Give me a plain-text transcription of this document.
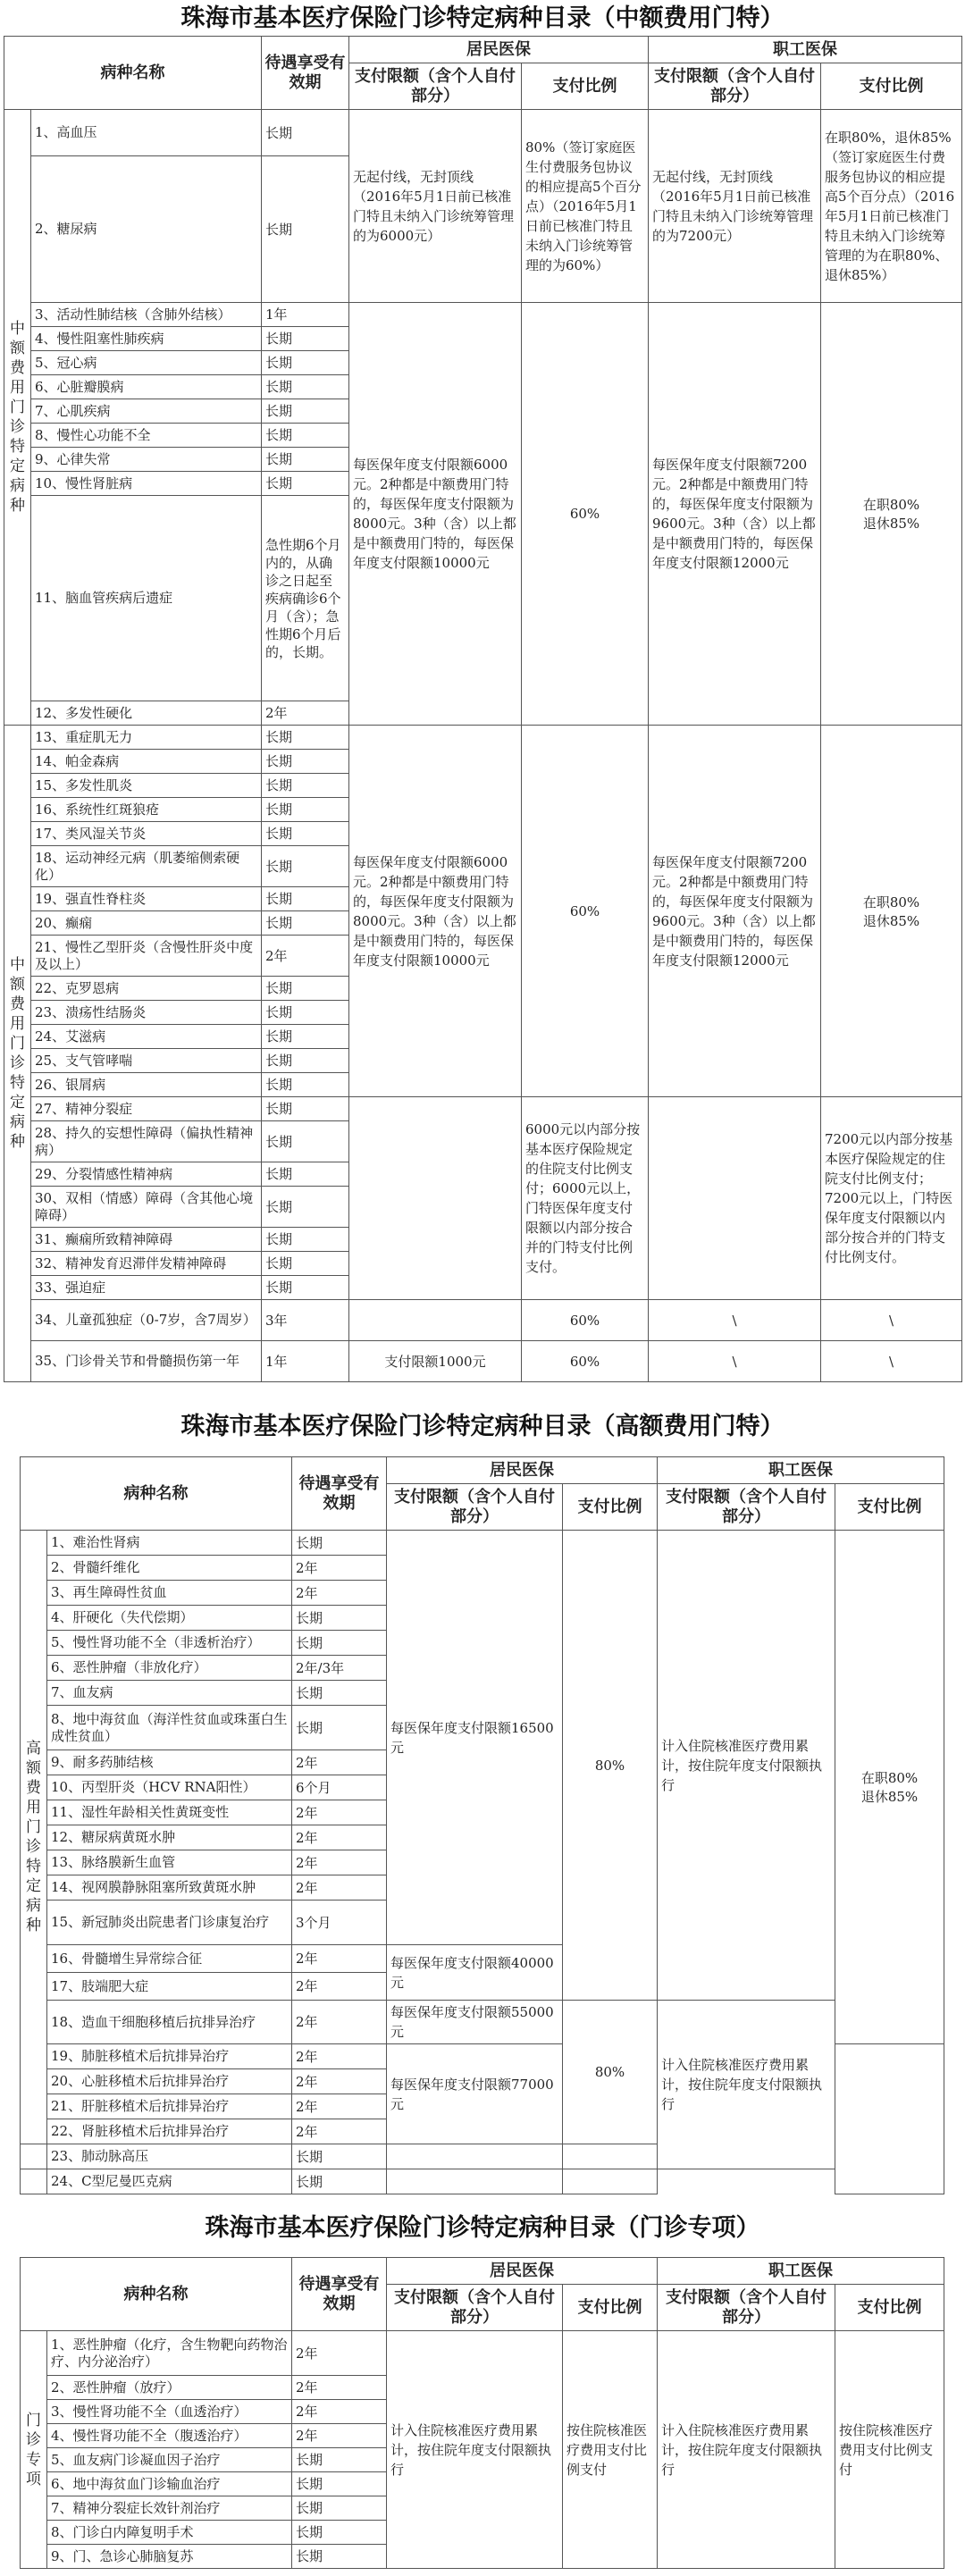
珠海市基本医疗保险门诊特定病种目录（中额费用门特）
病种名称		待遇享受有效期	居民医保		职工医保	
			支付限额（含个人自付部分）	支付比例	支付限额（含个人自付部分）	支付比例
中额费用门诊特定病种	1、高血压	长期	无起付线，无封顶线（2016年5月1日前已核准门特且未纳入门诊统筹管理的为6000元）	80%（签订家庭医生付费服务包协议的相应提高5个百分点）（2016年5月1日前已核准门特且未纳入门诊统筹管理的为60%）	无起付线，无封顶线（2016年5月1日前已核准门特且未纳入门诊统筹管理的为7200元）	在职80%，退休85%（签订家庭医生付费服务包协议的相应提高5个百分点）（2016年5月1日前已核准门特且未纳入门诊统筹管理的为在职80%、退休85%）
	2、糖尿病	长期				
	3、活动性肺结核（含肺外结核）	1年	每医保年度支付限额6000元。2种都是中额费用门特的，每医保年度支付限额为8000元。3种（含）以上都是中额费用门特的，每医保年度支付限额10000元	60%	每医保年度支付限额7200元。2种都是中额费用门特的，每医保年度支付限额为9600元。3种（含）以上都是中额费用门特的，每医保年度支付限额12000元	在职80%
退休85%
	4、慢性阻塞性肺疾病	长期				
	5、冠心病	长期				
	6、心脏瓣膜病	长期				
	7、心肌疾病	长期				
	8、慢性心功能不全	长期				
	9、心律失常	长期				
	10、慢性肾脏病	长期				
	11、脑血管疾病后遗症	急性期6个月内的，从确诊之日起至疾病确诊6个月（含）；急性期6个月后的，长期。				
	12、多发性硬化	2年				
中额费用门诊特定病种	13、重症肌无力	长期	每医保年度支付限额6000元。2种都是中额费用门特的，每医保年度支付限额为8000元。3种（含）以上都是中额费用门特的，每医保年度支付限额10000元	60%	每医保年度支付限额7200元。2种都是中额费用门特的，每医保年度支付限额为9600元。3种（含）以上都是中额费用门特的，每医保年度支付限额12000元	在职80%
退休85%
	14、帕金森病	长期				
	15、多发性肌炎	长期				
	16、系统性红斑狼疮	长期				
	17、类风湿关节炎	长期				
	18、运动神经元病（肌萎缩侧索硬化）	长期				
	19、强直性脊柱炎	长期				
	20、癫痫	长期				
	21、慢性乙型肝炎（含慢性肝炎中度及以上）	2年				
	22、克罗恩病	长期				
	23、溃疡性结肠炎	长期				
	24、艾滋病	长期				
	25、支气管哮喘	长期				
	26、银屑病	长期				
	27、精神分裂症	长期		6000元以内部分按基本医疗保险规定的住院支付比例支付；6000元以上，门特医保年度支付限额以内部分按合并的门特支付比例支付。		7200元以内部分按基本医疗保险规定的住院支付比例支付；7200元以上，门特医保年度支付限额以内部分按合并的门特支付比例支付。
	28、持久的妄想性障碍（偏执性精神病）	长期				
	29、分裂情感性精神病	长期				
	30、双相（情感）障碍（含其他心境障碍）	长期				
	31、癫痫所致精神障碍	长期				
	32、精神发育迟滞伴发精神障碍	长期				
	33、强迫症	长期				
	34、儿童孤独症（0-7岁，含7周岁）	3年		60%	\	\
	35、门诊骨关节和骨髓损伤第一年	1年	支付限额1000元	60%	\	\
珠海市基本医疗保险门诊特定病种目录（高额费用门特）
病种名称		待遇享受有效期	居民医保		职工医保	
			支付限额（含个人自付部分）	支付比例	支付限额（含个人自付部分）	支付比例
高额费用门诊特定病种	1、难治性肾病	长期	每医保年度支付限额16500元	80%	计入住院核准医疗费用累计，按住院年度支付限额执行	在职80%
退休85%
	2、骨髓纤维化	2年				
	3、再生障碍性贫血	2年				
	4、肝硬化（失代偿期）	长期				
	5、慢性肾功能不全（非透析治疗）	长期				
	6、恶性肿瘤（非放化疗）	2年/3年				
	7、血友病	长期				
	8、地中海贫血（海洋性贫血或珠蛋白生成性贫血）	长期				
	9、耐多药肺结核	2年				
	10、丙型肝炎（HCV RNA阳性）	6个月				
	11、湿性年龄相关性黄斑变性	2年				
	12、糖尿病黄斑水肿	2年				
	13、脉络膜新生血管	2年				
	14、视网膜静脉阻塞所致黄斑水肿	2年				
	15、新冠肺炎出院患者门诊康复治疗	3个月				
	16、骨髓增生异常综合征	2年	每医保年度支付限额40000元			
	17、肢端肥大症	2年				
	18、造血干细胞移植后抗排异治疗	2年	每医保年度支付限额55000元	80%	计入住院核准医疗费用累计，按住院年度支付限额执行	
	19、肺脏移植术后抗排异治疗	2年	每医保年度支付限额77000元			
	20、心脏移植术后抗排异治疗	2年				
	21、肝脏移植术后抗排异治疗	2年				
	22、肾脏移植术后抗排异治疗	2年				
	23、肺动脉高压	长期				
	24、C型尼曼匹克病	长期				
珠海市基本医疗保险门诊特定病种目录（门诊专项）
病种名称		待遇享受有效期	居民医保		职工医保	
			支付限额（含个人自付部分）	支付比例	支付限额（含个人自付部分）	支付比例
门诊专项	1、恶性肿瘤（化疗，含生物靶向药物治疗、内分泌治疗）	2年	计入住院核准医疗费用累计，按住院年度支付限额执行	按住院核准医疗费用支付比例支付	计入住院核准医疗费用累计，按住院年度支付限额执行	按住院核准医疗费用支付比例支付
	2、恶性肿瘤（放疗）	2年				
	3、慢性肾功能不全（血透治疗）	2年				
	4、慢性肾功能不全（腹透治疗）	2年				
	5、血友病门诊凝血因子治疗	长期				
	6、地中海贫血门诊输血治疗	长期				
	7、精神分裂症长效针剂治疗	长期				
	8、门诊白内障复明手术	长期				
	9、门、急诊心肺脑复苏	长期				
